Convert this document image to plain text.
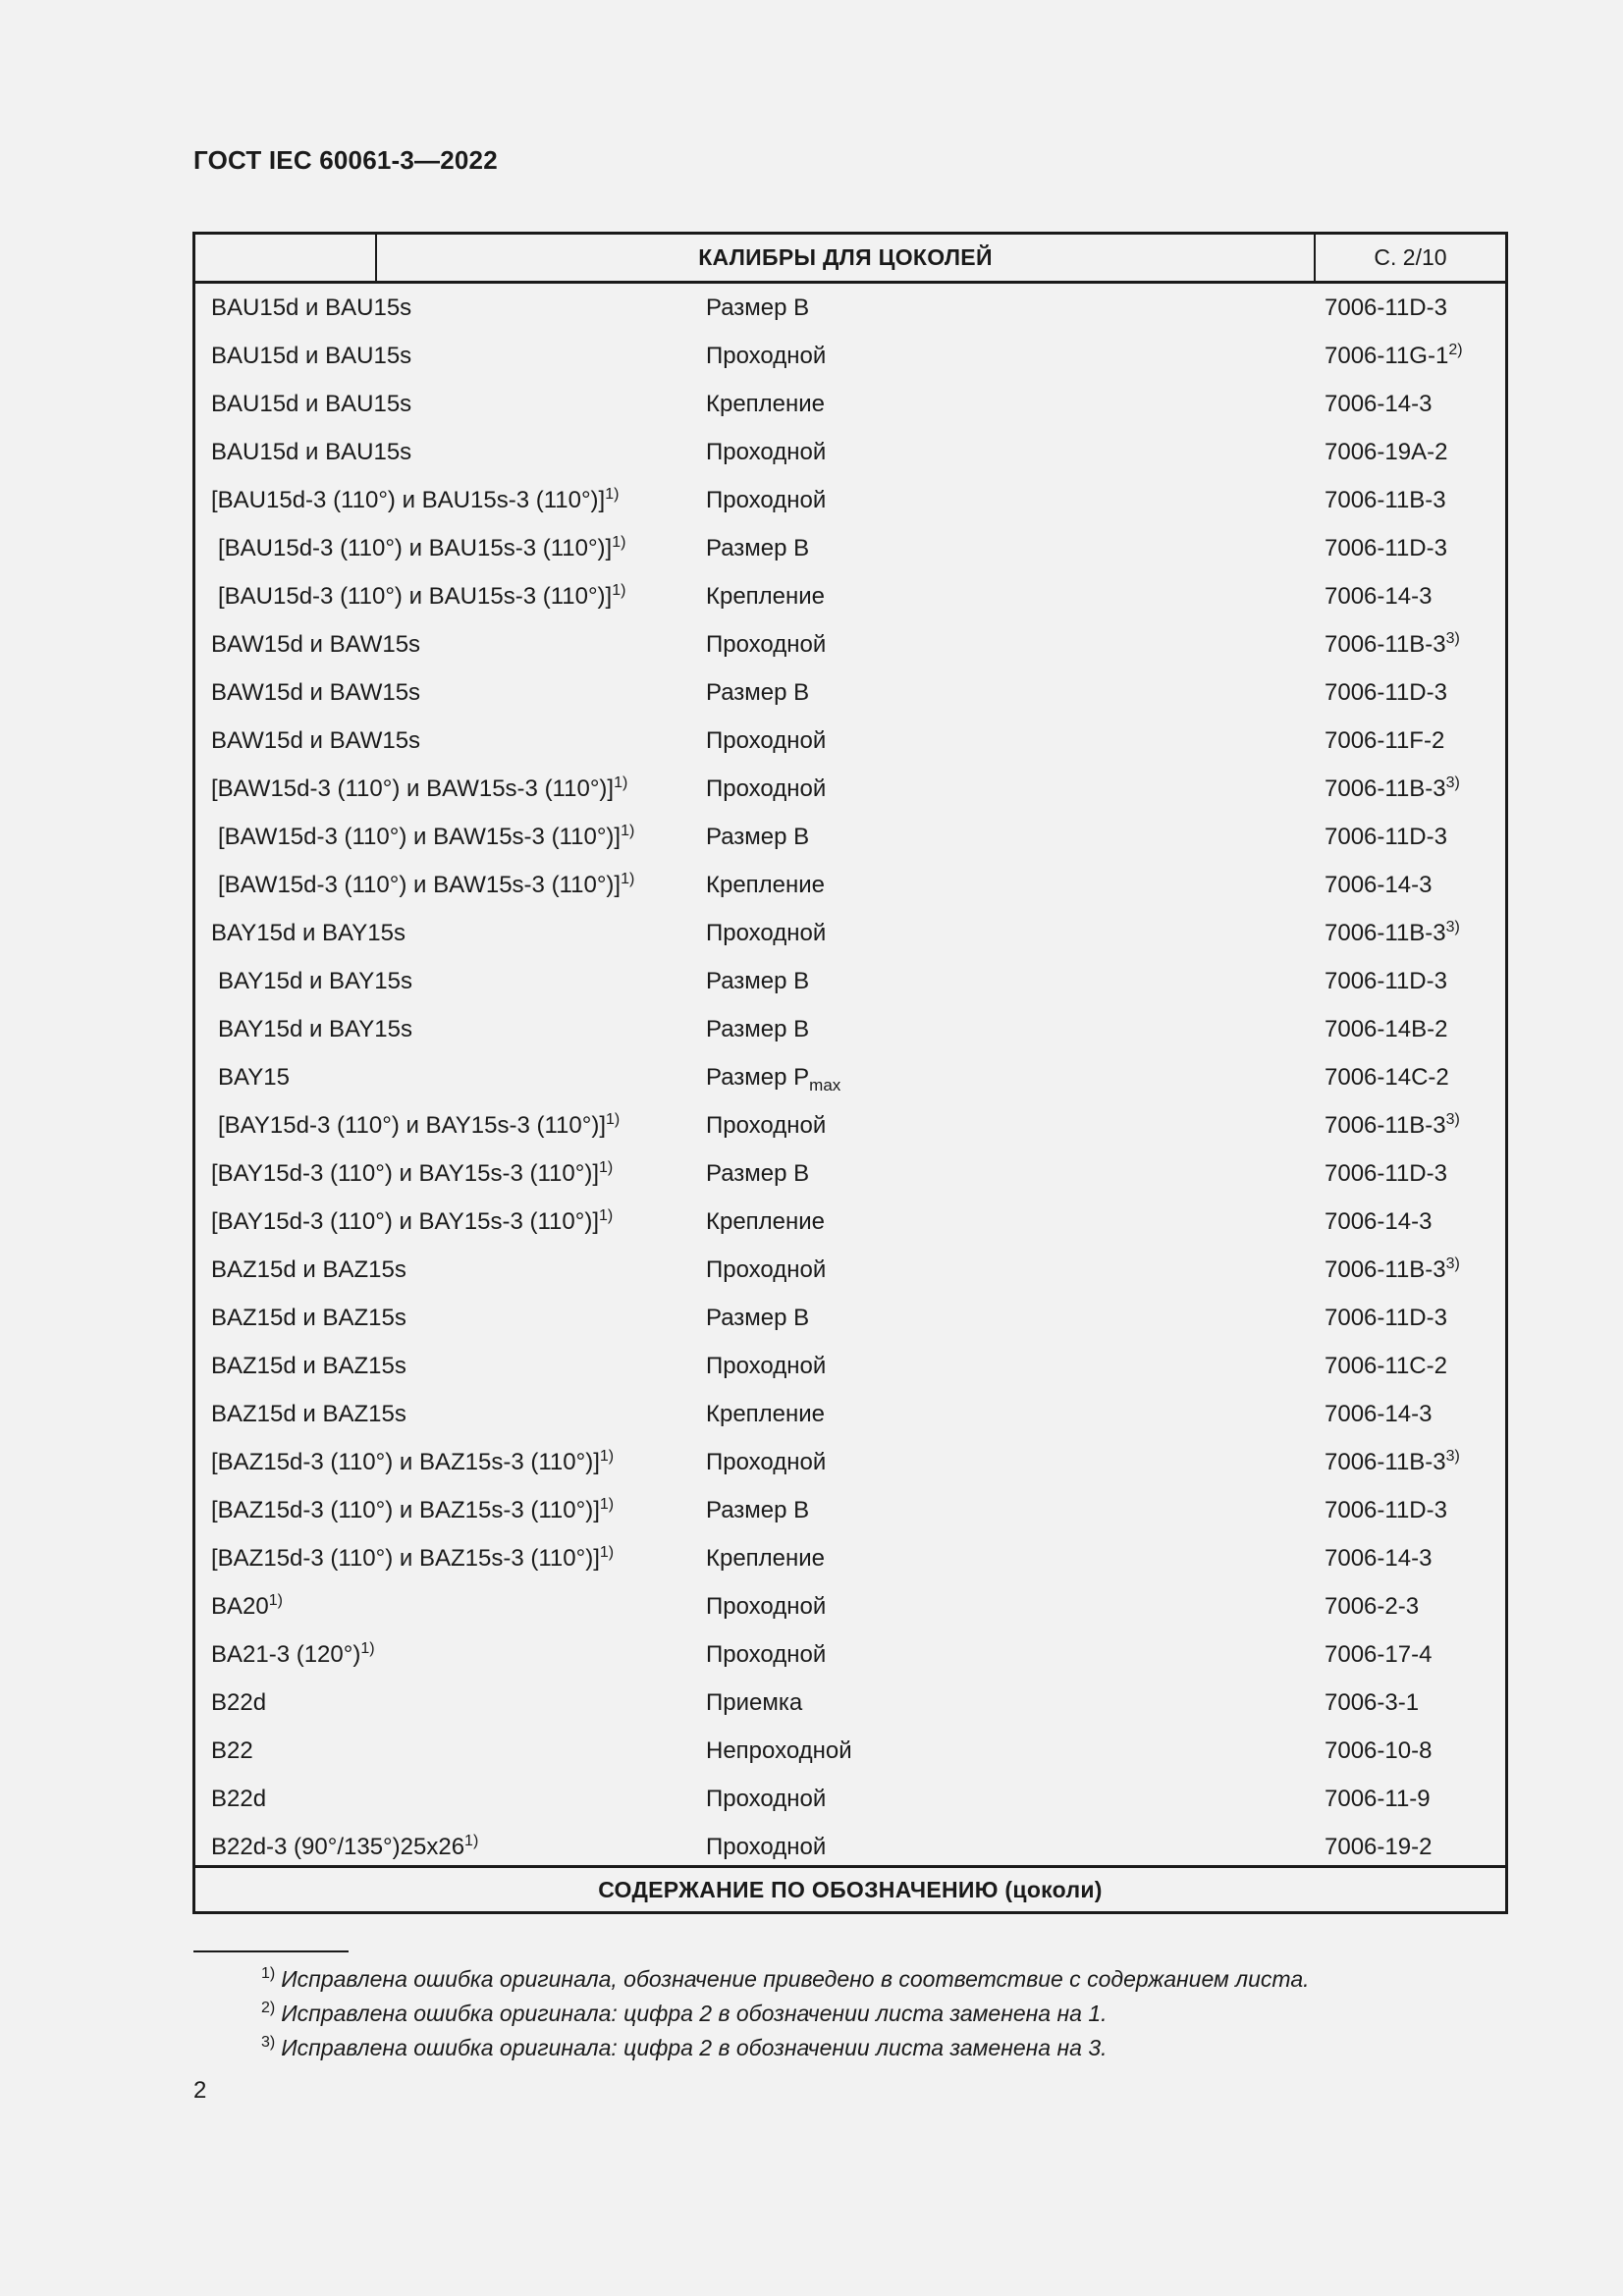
ГОСТ IEC 60061-3—2022
КАЛИБРЫ ДЛЯ ЦОКОЛЕЙ	С. 2/10
BAU15d и BAU15s	Размер B	7006-11D-3
BAU15d и BAU15s	Проходной	7006-11G-1$^{2)}$
BAU15d и BAU15s	Крепление	7006-14-3
BAU15d и BAU15s	Проходной	7006-19A-2
[BAU15d-3 (110°) и BAU15s-3 (110°)]$^{1)}$	Проходной	7006-11B-3
[BAU15d-3 (110°) и BAU15s-3 (110°)]$^{1)}$	Размер B	7006-11D-3
[BAU15d-3 (110°) и BAU15s-3 (110°)]$^{1)}$	Крепление	7006-14-3
BAW15d и BAW15s	Проходной	7006-11B-3$^{3)}$
BAW15d и BAW15s	Размер B	7006-11D-3
BAW15d и BAW15s	Проходной	7006-11F-2
[BAW15d-3 (110°) и BAW15s-3 (110°)]$^{1)}$	Проходной	7006-11B-3$^{3)}$
[BAW15d-3 (110°) и BAW15s-3 (110°)]$^{1)}$	Размер B	7006-11D-3
[BAW15d-3 (110°) и BAW15s-3 (110°)]$^{1)}$	Крепление	7006-14-3
BAY15d и BAY15s	Проходной	7006-11B-3$^{3)}$
BAY15d и BAY15s	Размер B	7006-11D-3
BAY15d и BAY15s	Размер B	7006-14B-2
BAY15	Размер $P_{max}$	7006-14C-2
[BAY15d-3 (110°) и BAY15s-3 (110°)]$^{1)}$	Проходной	7006-11B-3$^{3)}$
[BAY15d-3 (110°) и BAY15s-3 (110°)]$^{1)}$	Размер B	7006-11D-3
[BAY15d-3 (110°) и BAY15s-3 (110°)]$^{1)}$	Крепление	7006-14-3
BAZ15d и BAZ15s	Проходной	7006-11B-3$^{3)}$
BAZ15d и BAZ15s	Размер B	7006-11D-3
BAZ15d и BAZ15s	Проходной	7006-11C-2
BAZ15d и BAZ15s	Крепление	7006-14-3
[BAZ15d-3 (110°) и BAZ15s-3 (110°)]$^{1)}$	Проходной	7006-11B-3$^{3)}$
[BAZ15d-3 (110°) и BAZ15s-3 (110°)]$^{1)}$	Размер B	7006-11D-3
[BAZ15d-3 (110°) и BAZ15s-3 (110°)]$^{1)}$	Крепление	7006-14-3
BA20$^{1)}$	Проходной	7006-2-3
BA21-3 $(120^\circ)^{1)}$	Проходной	7006-17-4
B22d	Приемка	7006-3-1
B22	Непроходной	7006-10-8
B22d	Проходной	7006-11-9
B22d-3 (90°/135°)25x26$^{1)}$	Проходной	7006-19-2
СОДЕРЖАНИЕ ПО ОБОЗНАЧЕНИЮ (цоколи)
$^{1)}$ Исправлена ошибка оригинала, обозначение приведено в соответствие с содержанием листа.
$^{2)}$ Исправлена ошибка оригинала: цифра 2 в обозначении листа заменена на 1.
$^{3)}$ Исправлена ошибка оригинала: цифра 2 в обозначении листа заменена на 3.
2
